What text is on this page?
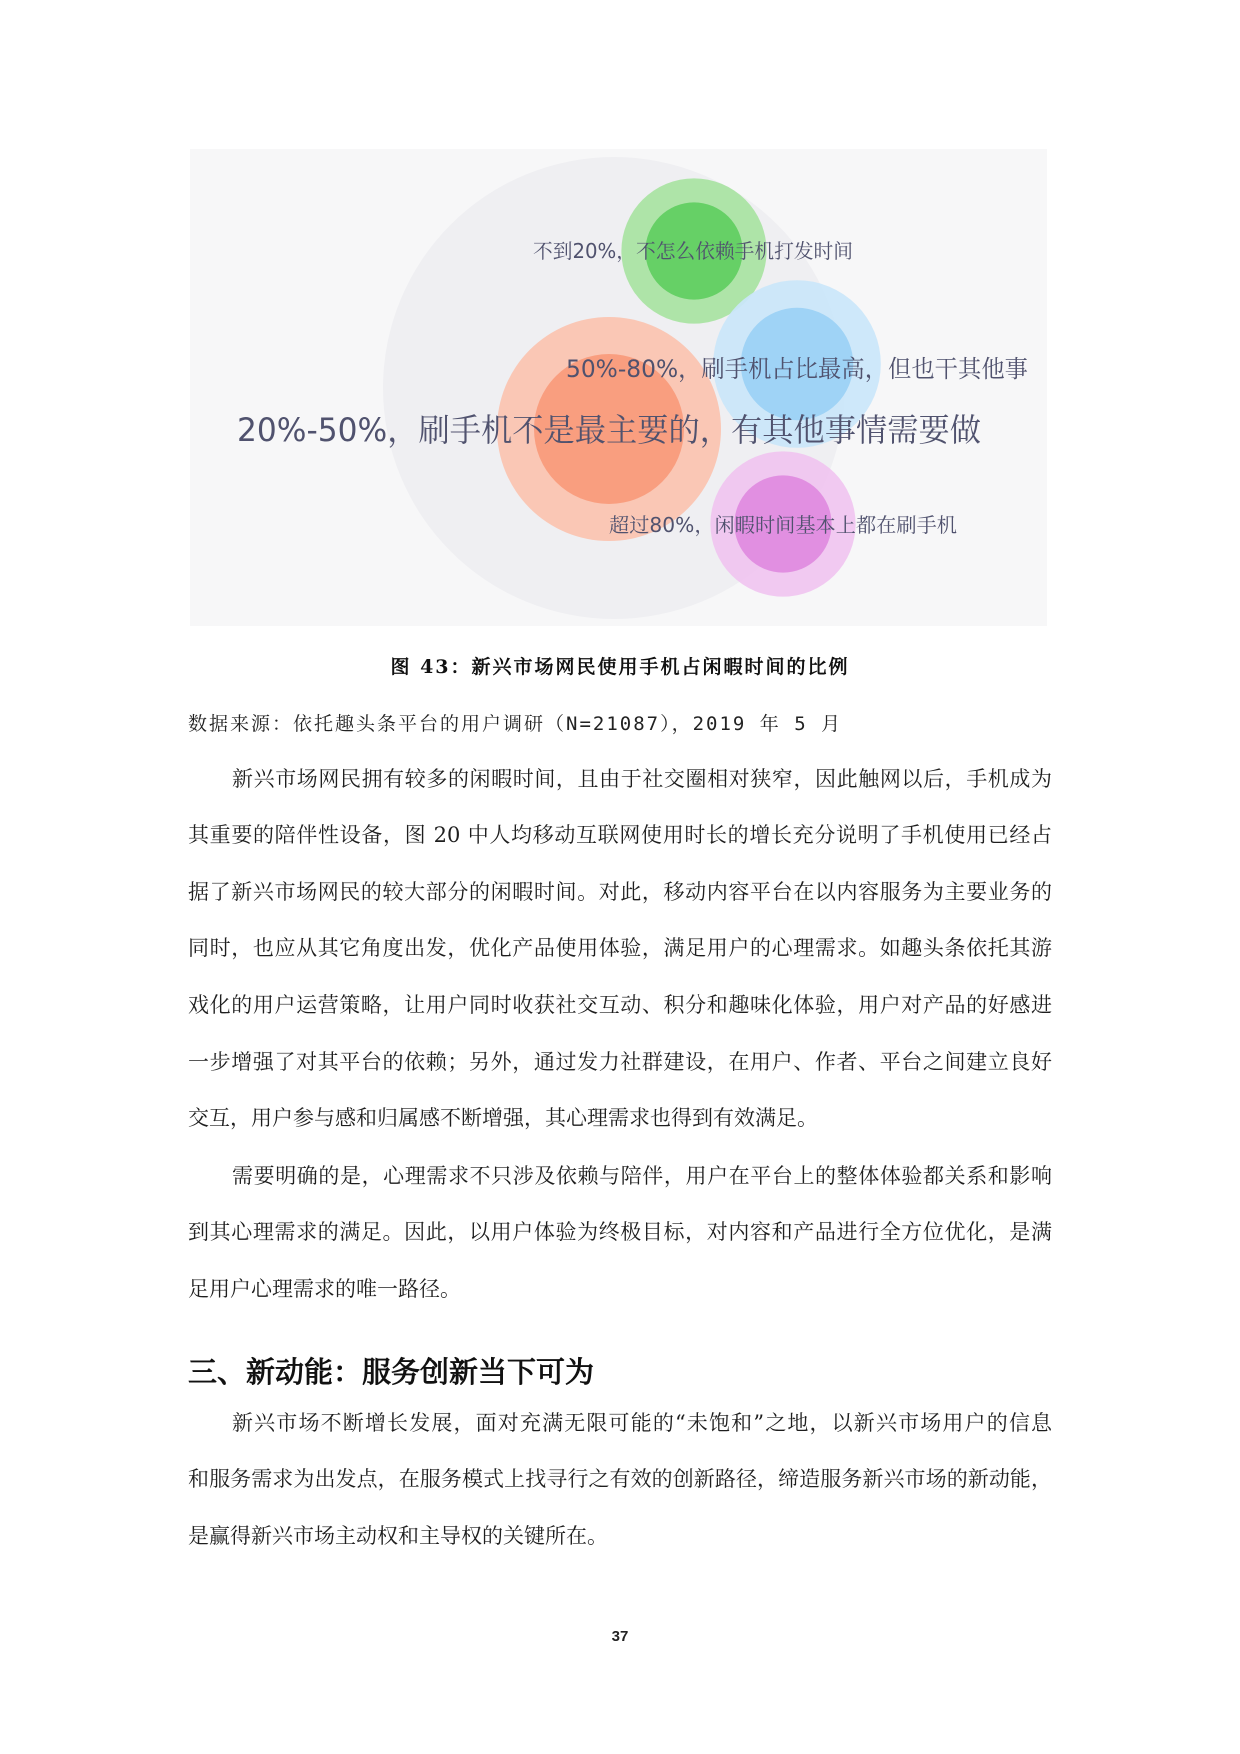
不到20%，不怎么依赖手机打发时间
50%-80%，刷手机占比最高，但也干其他事
20%-50%，刷手机不是最主要的，有其他事情需要做
超过80%，闲暇时间基本上都在刷手机
图 43：新兴市场网民使用手机占闲暇时间的比例
数据来源：依托趣头条平台的用户调研（N=21087），2019 年 5 月
新兴市场网民拥有较多的闲暇时间，且由于社交圈相对狭窄，因此触网以后，手机成为
其重要的陪伴性设备，图 20 中人均移动互联网使用时长的增长充分说明了手机使用已经占
据了新兴市场网民的较大部分的闲暇时间。对此，移动内容平台在以内容服务为主要业务的
同时，也应从其它角度出发，优化产品使用体验，满足用户的心理需求。如趣头条依托其游
戏化的用户运营策略，让用户同时收获社交互动、积分和趣味化体验，用户对产品的好感进
一步增强了对其平台的依赖；另外，通过发力社群建设，在用户、作者、平台之间建立良好
交互，用户参与感和归属感不断增强，其心理需求也得到有效满足。
需要明确的是，心理需求不只涉及依赖与陪伴，用户在平台上的整体体验都关系和影响
到其心理需求的满足。因此，以用户体验为终极目标，对内容和产品进行全方位优化，是满
足用户心理需求的唯一路径。
三、新动能：服务创新当下可为
新兴市场不断增长发展，面对充满无限可能的“未饱和”之地，以新兴市场用户的信息
和服务需求为出发点，在服务模式上找寻行之有效的创新路径，缔造服务新兴市场的新动能，
是赢得新兴市场主动权和主导权的关键所在。
37
